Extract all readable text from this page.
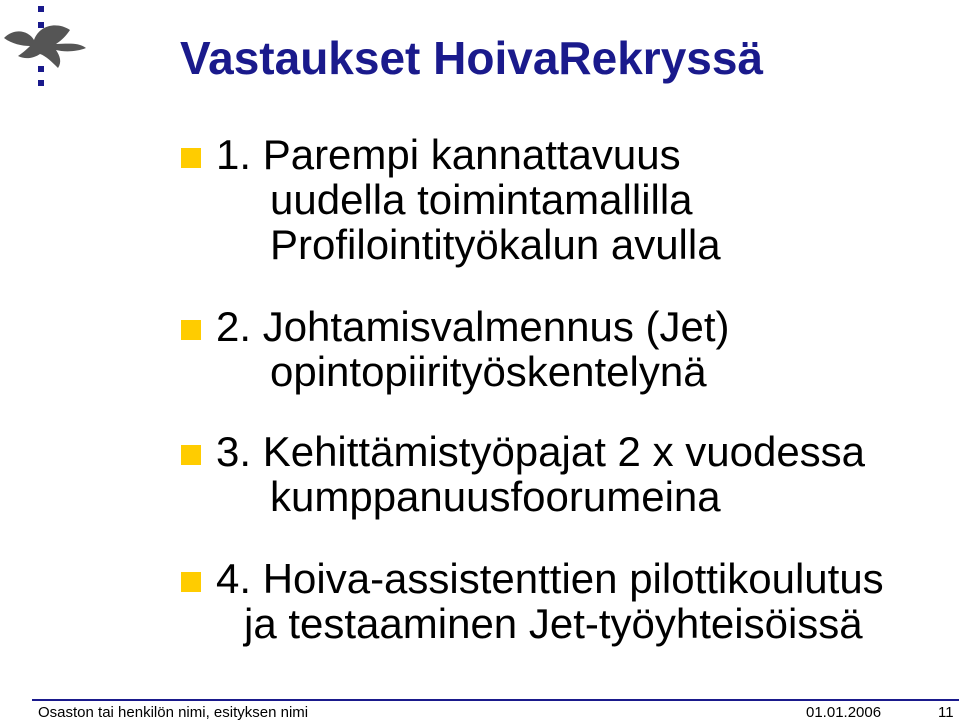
Vastaukset HoivaRekryssä
1. Parempi kannattavuus
uudella toimintamallilla
Profilointityökalun avulla
2. Johtamisvalmennus (Jet)
opintopiirityöskentelynä
3. Kehittämistyöpajat 2 x vuodessa
kumppanuusfoorumeina
4. Hoiva-assistenttien pilottikoulutus
ja testaaminen Jet-työyhteisöissä
Osaston tai henkilön nimi, esityksen nimi	01.01.2006	11
